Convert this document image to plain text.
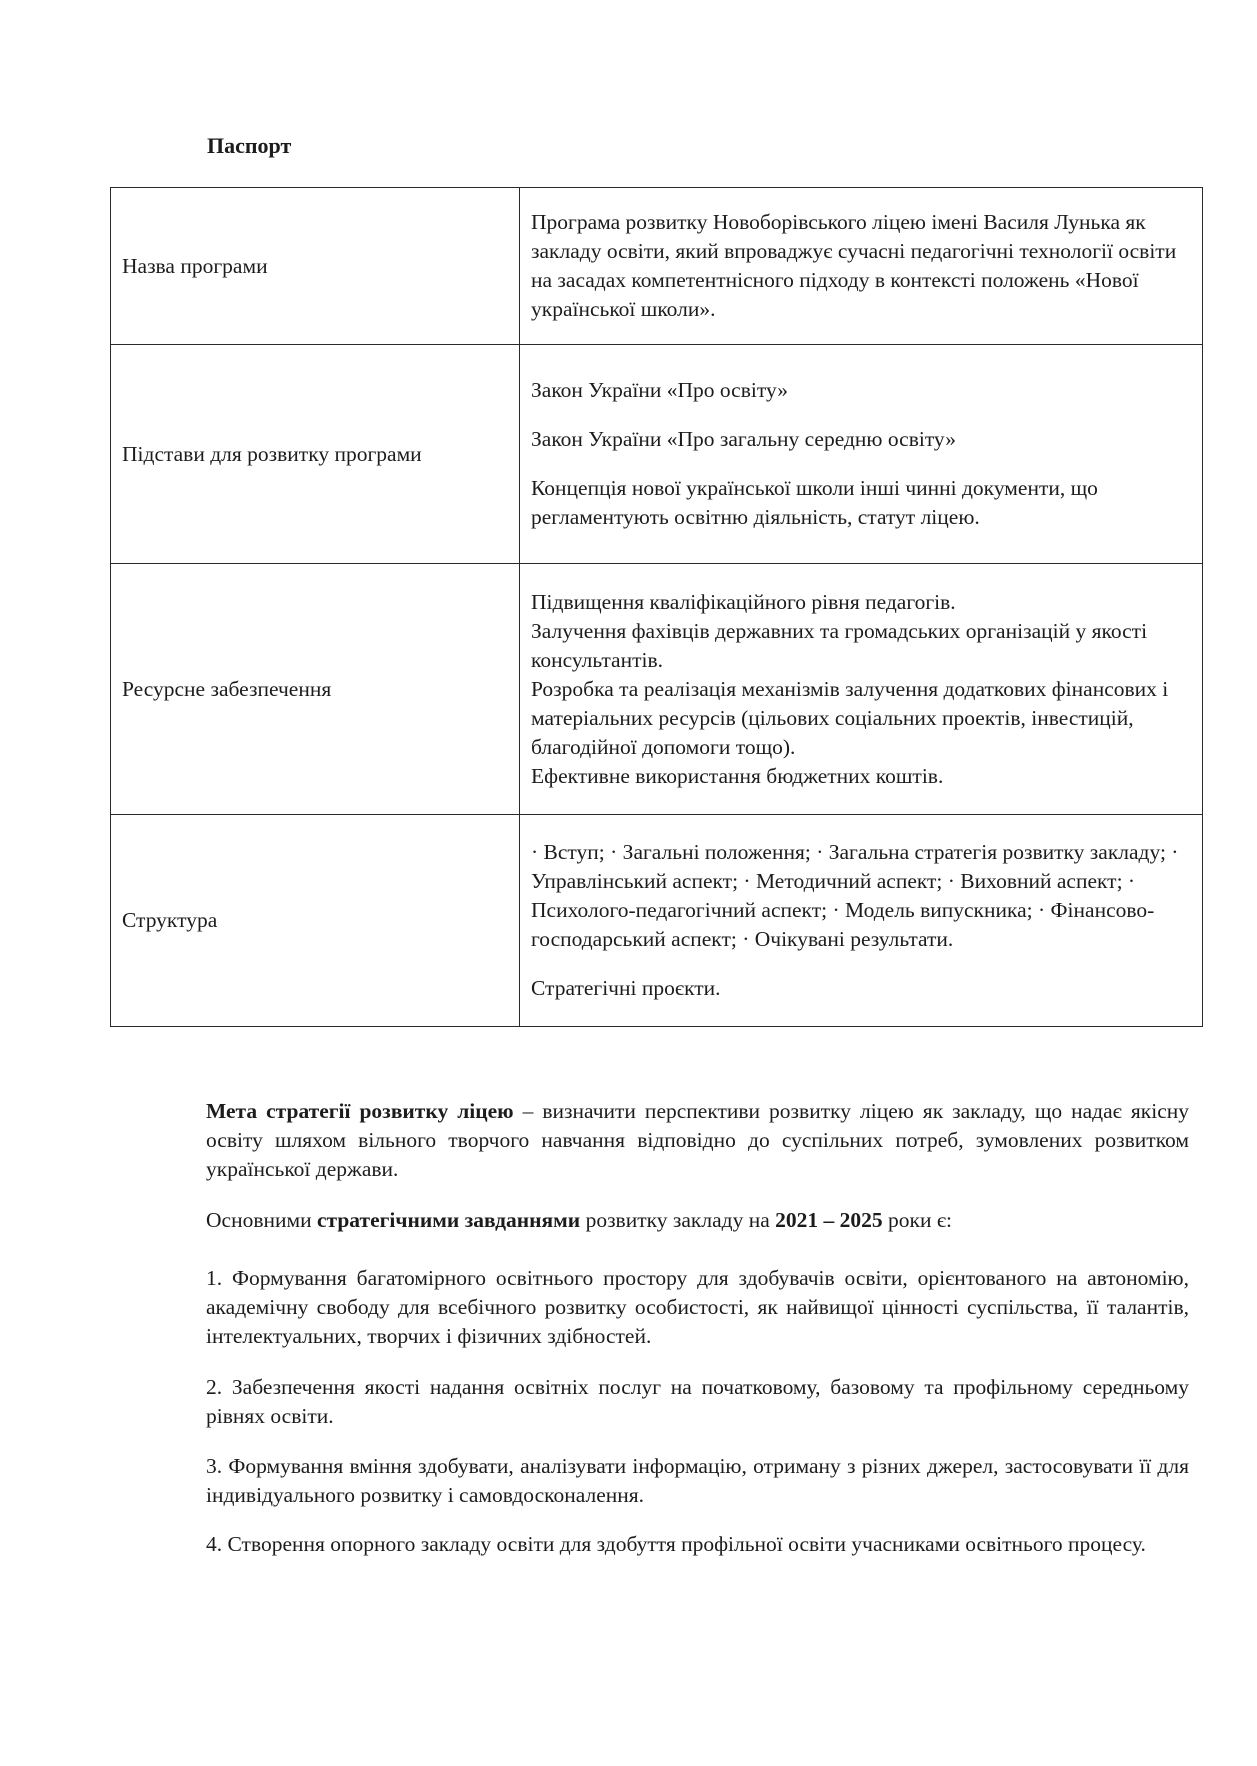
Паспорт
Назва програми	Програма розвитку Новоборівського ліцею імені Василя Лунька як закладу освіти, який впроваджує сучасні педагогічні технології освіти на засадах компетентнісного підходу в контексті положень «Нової української школи».

Підстави для розвитку програми	Закон України «Про освіту»

Закон України «Про загальну середню освіту»

Концепція нової української школи інші чинні документи, що регламентують освітню діяльність, статут ліцею.

Ресурсне забезпечення	Підвищення кваліфікаційного рівня педагогів.

Залучення фахівців державних та громадських організацій у якості консультантів.

Розробка та реалізація механізмів залучення додаткових фінансових і матеріальних ресурсів (цільових соціальних проектів, інвестицій, благодійної допомоги тощо).

Ефективне використання бюджетних коштів.

Структура	· Вступ; · Загальні положення; · Загальна стратегія розвитку закладу; · Управлінський аспект; · Методичний аспект; · Виховний аспект; · Психолого-педагогічний аспект; · Модель випускника; · Фінансово-господарський аспект; · Очікувані результати.

Стратегічні проєкти.

Мета стратегії розвитку ліцею – визначити перспективи розвитку ліцею як закладу, що надає якісну освіту шляхом вільного творчого навчання відповідно до суспільних потреб, зумовлених розвитком української держави.

Основними стратегічними завданнями розвитку закладу на 2021 – 2025 роки є:

1. Формування багатомірного освітнього простору для здобувачів освіти, орієнтованого на автономію, академічну свободу для всебічного розвитку особистості, як найвищої цінності суспільства, її талантів, інтелектуальних, творчих і фізичних здібностей.

2. Забезпечення якості надання освітніх послуг на початковому, базовому та профільному середньому рівнях освіти.

3. Формування вміння здобувати, аналізувати інформацію, отриману з різних джерел, застосовувати її для індивідуального розвитку і самовдосконалення.

4. Створення опорного закладу освіти для здобуття профільної освіти учасниками освітнього процесу.
